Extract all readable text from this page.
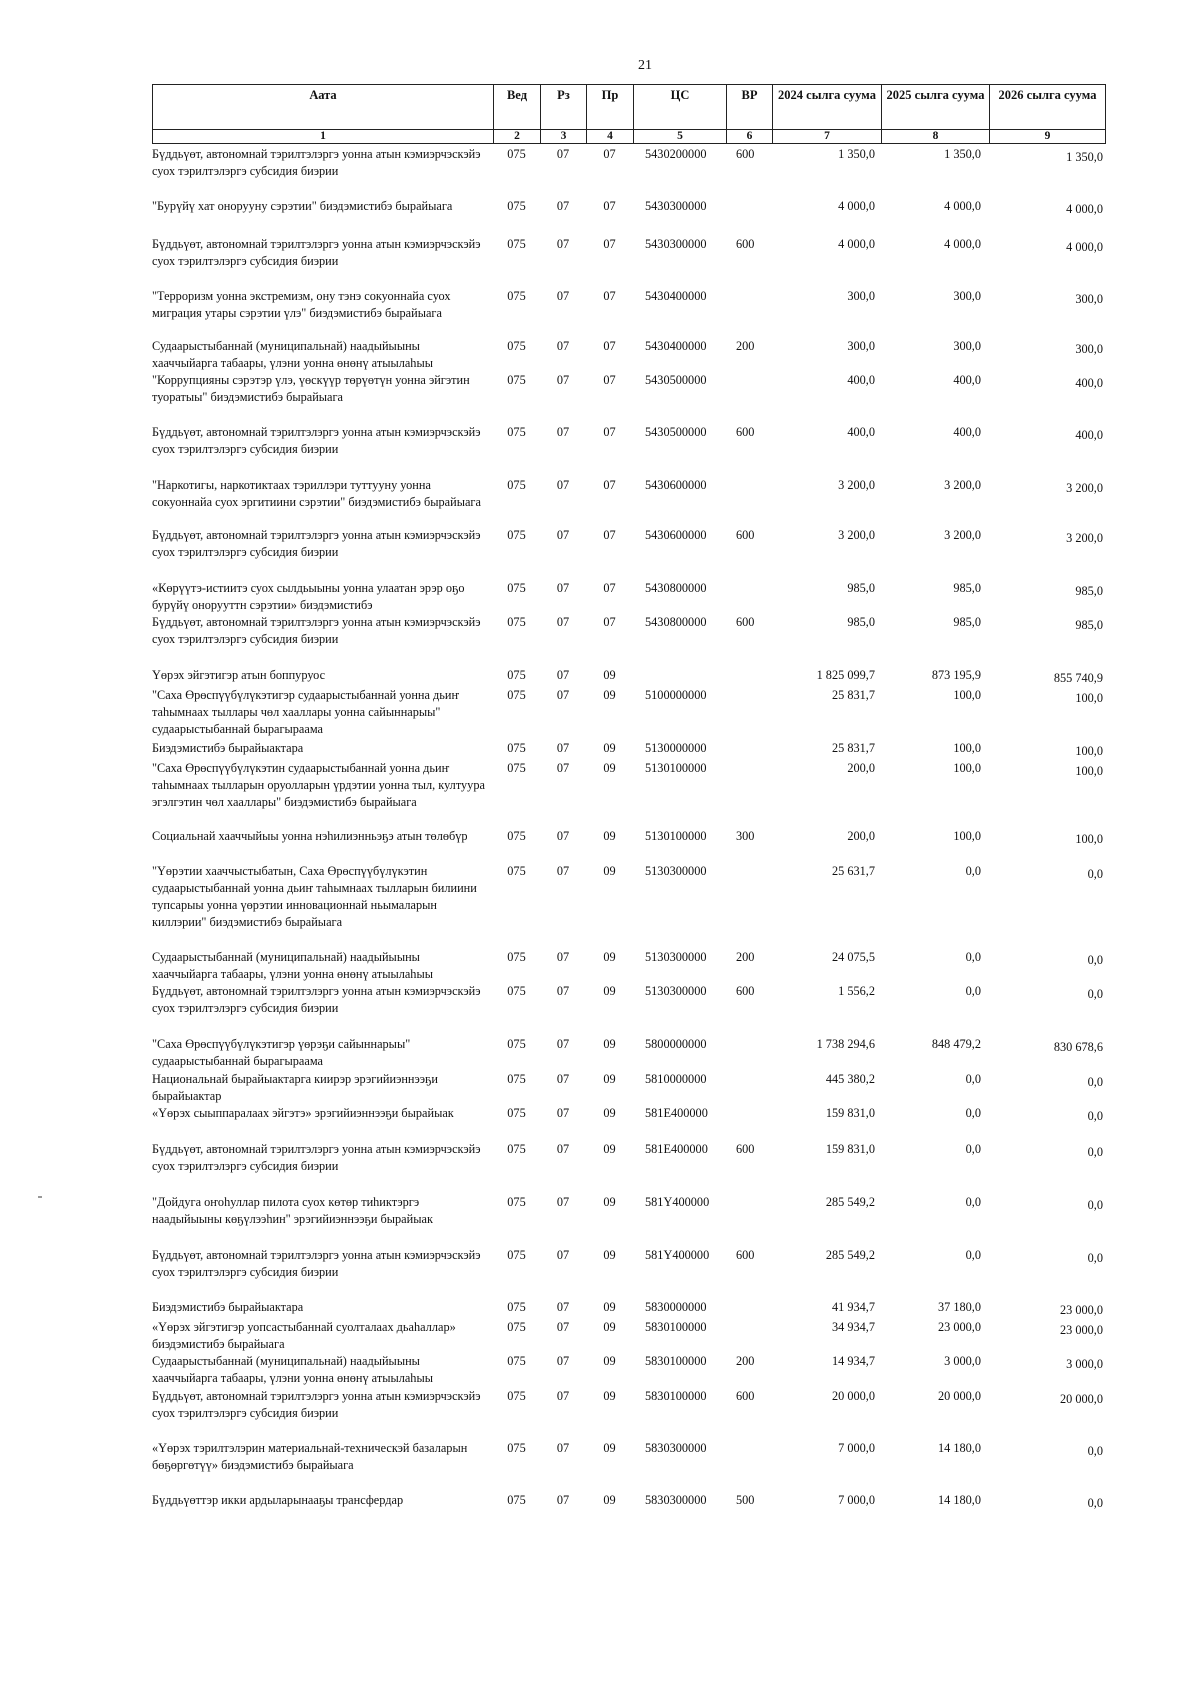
21
Аата	Вед	Рз	Пр	ЦС	ВР	2024 сылга суума	2025 сылга суума	2026 сылга суума
1	2	3	4	5	6	7	8	9
Бүддьүөт, автономнай тэрилтэлэргэ уонна атын кэмиэрчэскэйэ суох тэрилтэлэргэ субсидия биэрии	075	07	07	5430200000	600	1 350,0	1 350,0	1 350,0
"Бурүйү хат онорууну сэрэтии" биэдэмистибэ бырайыага	075	07	07	5430300000		4 000,0	4 000,0	4 000,0
Бүддьүөт, автономнай тэрилтэлэргэ уонна атын кэмиэрчэскэйэ суох тэрилтэлэргэ субсидия биэрии	075	07	07	5430300000	600	4 000,0	4 000,0	4 000,0
"Терроризм уонна экстремизм, ону тэнэ сокуоннайа суох миграция утары сэрэтии үлэ" биэдэмистибэ бырайыага	075	07	07	5430400000		300,0	300,0	300,0
Судаарыстыбаннай (муниципальнай) наадыйыыны хааччыйарга табаары, үлэни уонна өнөнү атыылаһыы	075	07	07	5430400000	200	300,0	300,0	300,0
"Коррупцияны сэрэтэр үлэ, үөскүүр төрүөтүн уонна эйгэтин туоратыы" биэдэмистибэ бырайыага	075	07	07	5430500000		400,0	400,0	400,0
Бүддьүөт, автономнай тэрилтэлэргэ уонна атын кэмиэрчэскэйэ суох тэрилтэлэргэ субсидия биэрии	075	07	07	5430500000	600	400,0	400,0	400,0
"Наркотигы, наркотиктаах тэриллэри туттууну уонна сокуоннайа суох эргитиини сэрэтии" биэдэмистибэ бырайыага	075	07	07	5430600000		3 200,0	3 200,0	3 200,0
Бүддьүөт, автономнай тэрилтэлэргэ уонна атын кэмиэрчэскэйэ суох тэрилтэлэргэ субсидия биэрии	075	07	07	5430600000	600	3 200,0	3 200,0	3 200,0
«Көрүүтэ-истиитэ суох сылдьыыны уонна улаатан эрэр оҕо бурүйү онорууттн сэрэтии» биэдэмистибэ	075	07	07	5430800000		985,0	985,0	985,0
Бүддьүөт, автономнай тэрилтэлэргэ уонна атын кэмиэрчэскэйэ суох тэрилтэлэргэ субсидия биэрии	075	07	07	5430800000	600	985,0	985,0	985,0
Үөрэх эйгэтигэр атын боппуруос	075	07	09			1 825 099,7	873 195,9	855 740,9
"Саха Өрөспүүбүлүкэтигэр судаарыстыбаннай уонна дьиҥ таһымнаах тыллары чөл хааллары уонна сайыннарыы" судаарыстыбаннай бырагыраама	075	07	09	5100000000		25 831,7	100,0	100,0
Биэдэмистибэ бырайыактара	075	07	09	5130000000		25 831,7	100,0	100,0
"Саха Өрөспүүбүлүкэтин судаарыстыбаннай уонна дьиҥ таһымнаах тылларын оруолларын үрдэтии уонна тыл, култуура эгэлгэтин чөл хааллары" биэдэмистибэ бырайыага	075	07	09	5130100000		200,0	100,0	100,0
Социальнай хааччыйыы уонна нэһилиэнньэҕэ атын төлөбүр	075	07	09	5130100000	300	200,0	100,0	100,0
"Үөрэтии хааччыстыбатын, Саха Өрөспүүбүлүкэтин судаарыстыбаннай уонна дьиҥ таһымнаах тылларын билиини тупсарыы уонна үөрэтии инновационнай ньымаларын киллэрии" биэдэмистибэ бырайыага	075	07	09	5130300000		25 631,7	0,0	0,0
Судаарыстыбаннай (муниципальнай) наадыйыыны хааччыйарга табаары, үлэни уонна өнөнү атыылаһыы	075	07	09	5130300000	200	24 075,5	0,0	0,0
Бүддьүөт, автономнай тэрилтэлэргэ уонна атын кэмиэрчэскэйэ суох тэрилтэлэргэ субсидия биэрии	075	07	09	5130300000	600	1 556,2	0,0	0,0
"Саха Өрөспүүбүлүкэтигэр үөрэҕи сайыннарыы" судаарыстыбаннай бырагыраама	075	07	09	5800000000		1 738 294,6	848 479,2	830 678,6
Национальнай бырайыактарга киирэр эрэгийиэннээҕи бырайыактар	075	07	09	5810000000		445 380,2	0,0	0,0
«Үөрэх сыыппаралаах эйгэтэ» эрэгийиэннээҕи бырайыак	075	07	09	581E400000		159 831,0	0,0	0,0
Бүддьүөт, автономнай тэрилтэлэргэ уонна атын кэмиэрчэскэйэ суох тэрилтэлэргэ субсидия биэрии	075	07	09	581E400000	600	159 831,0	0,0	0,0
"Дойдуга оҥоһуллар пилота суох көтөр тиһиктэргэ наадыйыыны көҕүлээһин" эрэгийиэннээҕи бырайыак	075	07	09	581Y400000		285 549,2	0,0	0,0
Бүддьүөт, автономнай тэрилтэлэргэ уонна атын кэмиэрчэскэйэ суох тэрилтэлэргэ субсидия биэрии	075	07	09	581Y400000	600	285 549,2	0,0	0,0
Биэдэмистибэ бырайыактара	075	07	09	5830000000		41 934,7	37 180,0	23 000,0
«Үөрэх эйгэтигэр уопсастыбаннай суолталаах дьаһаллар» биэдэмистибэ бырайыага	075	07	09	5830100000		34 934,7	23 000,0	23 000,0
Судаарыстыбаннай (муниципальнай) наадыйыыны хааччыйарга табаары, үлэни уонна өнөнү атыылаһыы	075	07	09	5830100000	200	14 934,7	3 000,0	3 000,0
Бүддьүөт, автономнай тэрилтэлэргэ уонна атын кэмиэрчэскэйэ суох тэрилтэлэргэ субсидия биэрии	075	07	09	5830100000	600	20 000,0	20 000,0	20 000,0
«Үөрэх тэрилтэлэрин материальнай-техническэй базаларын бөҕөргөтүү» биэдэмистибэ бырайыага	075	07	09	5830300000		7 000,0	14 180,0	0,0
Бүддьүөттэр икки ардыларынааҕы трансфердар	075	07	09	5830300000	500	7 000,0	14 180,0	0,0
